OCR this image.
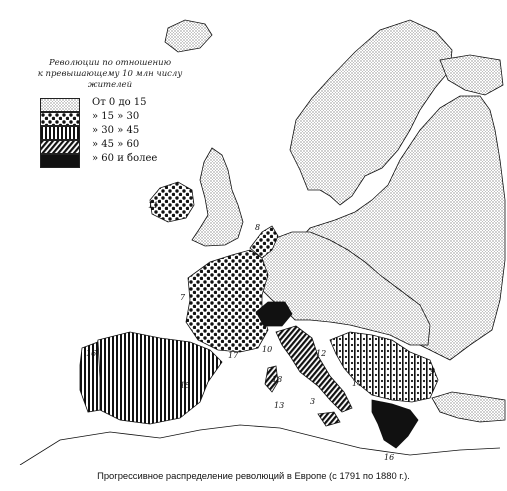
11
8
7
17
10
16
15
18
13	3
12
14
9
16
Революции по отношению
к превышающему 10 млн числу жителей
От 0 до 15
» 15 » 30
» 30 » 45
» 45 » 60
» 60 и более
Прогрессивное распределение революций в Европе (с 1791 по 1880 г.).
